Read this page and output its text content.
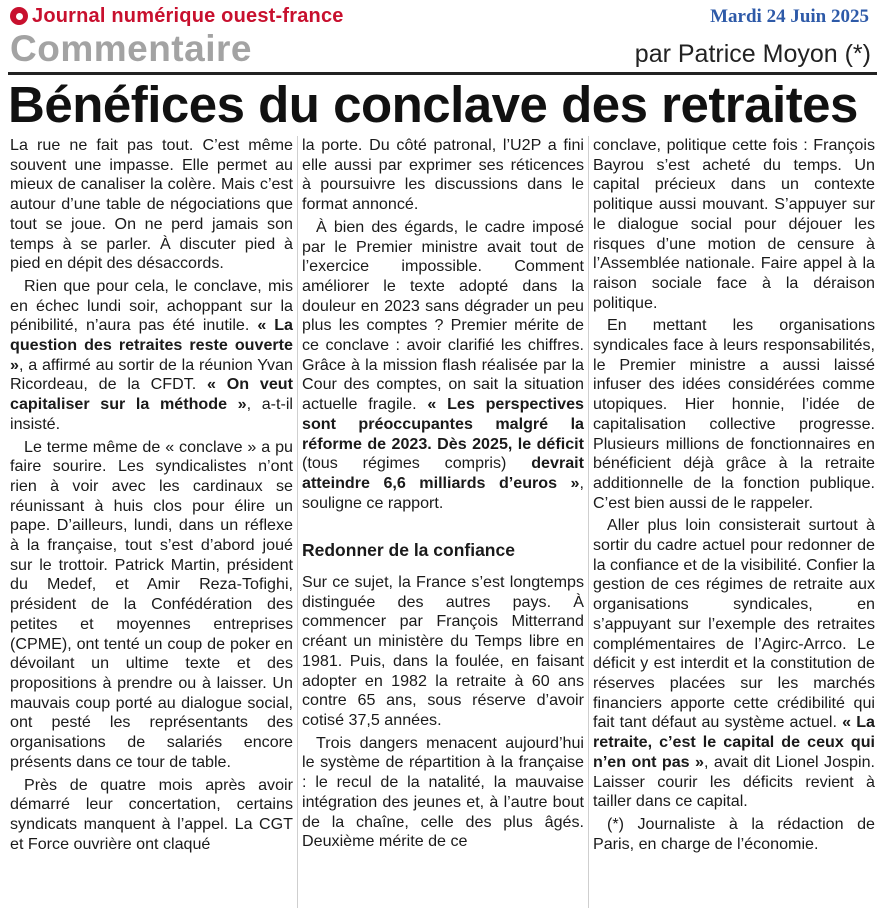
Journal numérique ouest-france	Mardi 24 Juin 2025
Commentaire	par Patrice Moyon (*)
Bénéfices du conclave des retraites

La rue ne fait pas tout. C’est même souvent une impasse. Elle permet au mieux de canaliser la colère. Mais c’est autour d’une table de négociations que tout se joue. On ne perd jamais son temps à se parler. À discuter pied à pied en dépit des désaccords.

Rien que pour cela, le conclave, mis en échec lundi soir, achoppant sur la pénibilité, n’aura pas été inutile. « La question des retraites reste ouverte », a affirmé au sortir de la réunion Yvan Ricordeau, de la CFDT. « On veut capitaliser sur la méthode », a-t-il insisté.

Le terme même de « conclave » a pu faire sourire. Les syndicalistes n’ont rien à voir avec les cardinaux se réunissant à huis clos pour élire un pape. D’ailleurs, lundi, dans un réflexe à la française, tout s’est d’abord joué sur le trottoir. Patrick Martin, président du Medef, et Amir Reza-Tofighi, président de la Confédération des petites et moyennes entreprises (CPME), ont tenté un coup de poker en dévoilant un ultime texte et des propositions à prendre ou à laisser. Un mauvais coup porté au dialogue social, ont pesté les représentants des organisations de salariés encore présents dans ce tour de table.

Près de quatre mois après avoir démarré leur concertation, certains syndicats manquent à l’appel. La CGT et Force ouvrière ont claqué

la porte. Du côté patronal, l’U2P a fini elle aussi par exprimer ses réticences à poursuivre les discussions dans le format annoncé.

À bien des égards, le cadre imposé par le Premier ministre avait tout de l’exercice impossible. Comment améliorer le texte adopté dans la douleur en 2023 sans dégrader un peu plus les comptes ? Premier mérite de ce conclave : avoir clarifié les chiffres. Grâce à la mission flash réalisée par la Cour des comptes, on sait la situation actuelle fragile. « Les perspectives sont préoccupantes malgré la réforme de 2023. Dès 2025, le déficit (tous régimes compris) devrait atteindre 6,6 milliards d’euros », souligne ce rapport.

Redonner de la confiance

Sur ce sujet, la France s’est longtemps distinguée des autres pays. À commencer par François Mitterrand créant un ministère du Temps libre en 1981. Puis, dans la foulée, en faisant adopter en 1982 la retraite à 60 ans contre 65 ans, sous réserve d’avoir cotisé 37,5 années.

Trois dangers menacent aujourd’hui le système de répartition à la française : le recul de la natalité, la mauvaise intégration des jeunes et, à l’autre bout de la chaîne, celle des plus âgés. Deuxième mérite de ce

conclave, politique cette fois : François Bayrou s’est acheté du temps. Un capital précieux dans un contexte politique aussi mouvant. S’appuyer sur le dialogue social pour déjouer les risques d’une motion de censure à l’Assemblée nationale. Faire appel à la raison sociale face à la déraison politique.

En mettant les organisations syndicales face à leurs responsabilités, le Premier ministre a aussi laissé infuser des idées considérées comme utopiques. Hier honnie, l’idée de capitalisation collective progresse. Plusieurs millions de fonctionnaires en bénéficient déjà grâce à la retraite additionnelle de la fonction publique. C’est bien aussi de le rappeler.

Aller plus loin consisterait surtout à sortir du cadre actuel pour redonner de la confiance et de la visibilité. Confier la gestion de ces régimes de retraite aux organisations syndicales, en s’appuyant sur l’exemple des retraites complémentaires de l’Agirc-Arrco. Le déficit y est interdit et la constitution de réserves placées sur les marchés financiers apporte cette crédibilité qui fait tant défaut au système actuel. « La retraite, c’est le capital de ceux qui n’en ont pas », avait dit Lionel Jospin. Laisser courir les déficits revient à tailler dans ce capital.

(*) Journaliste à la rédaction de Paris, en charge de l’économie.
